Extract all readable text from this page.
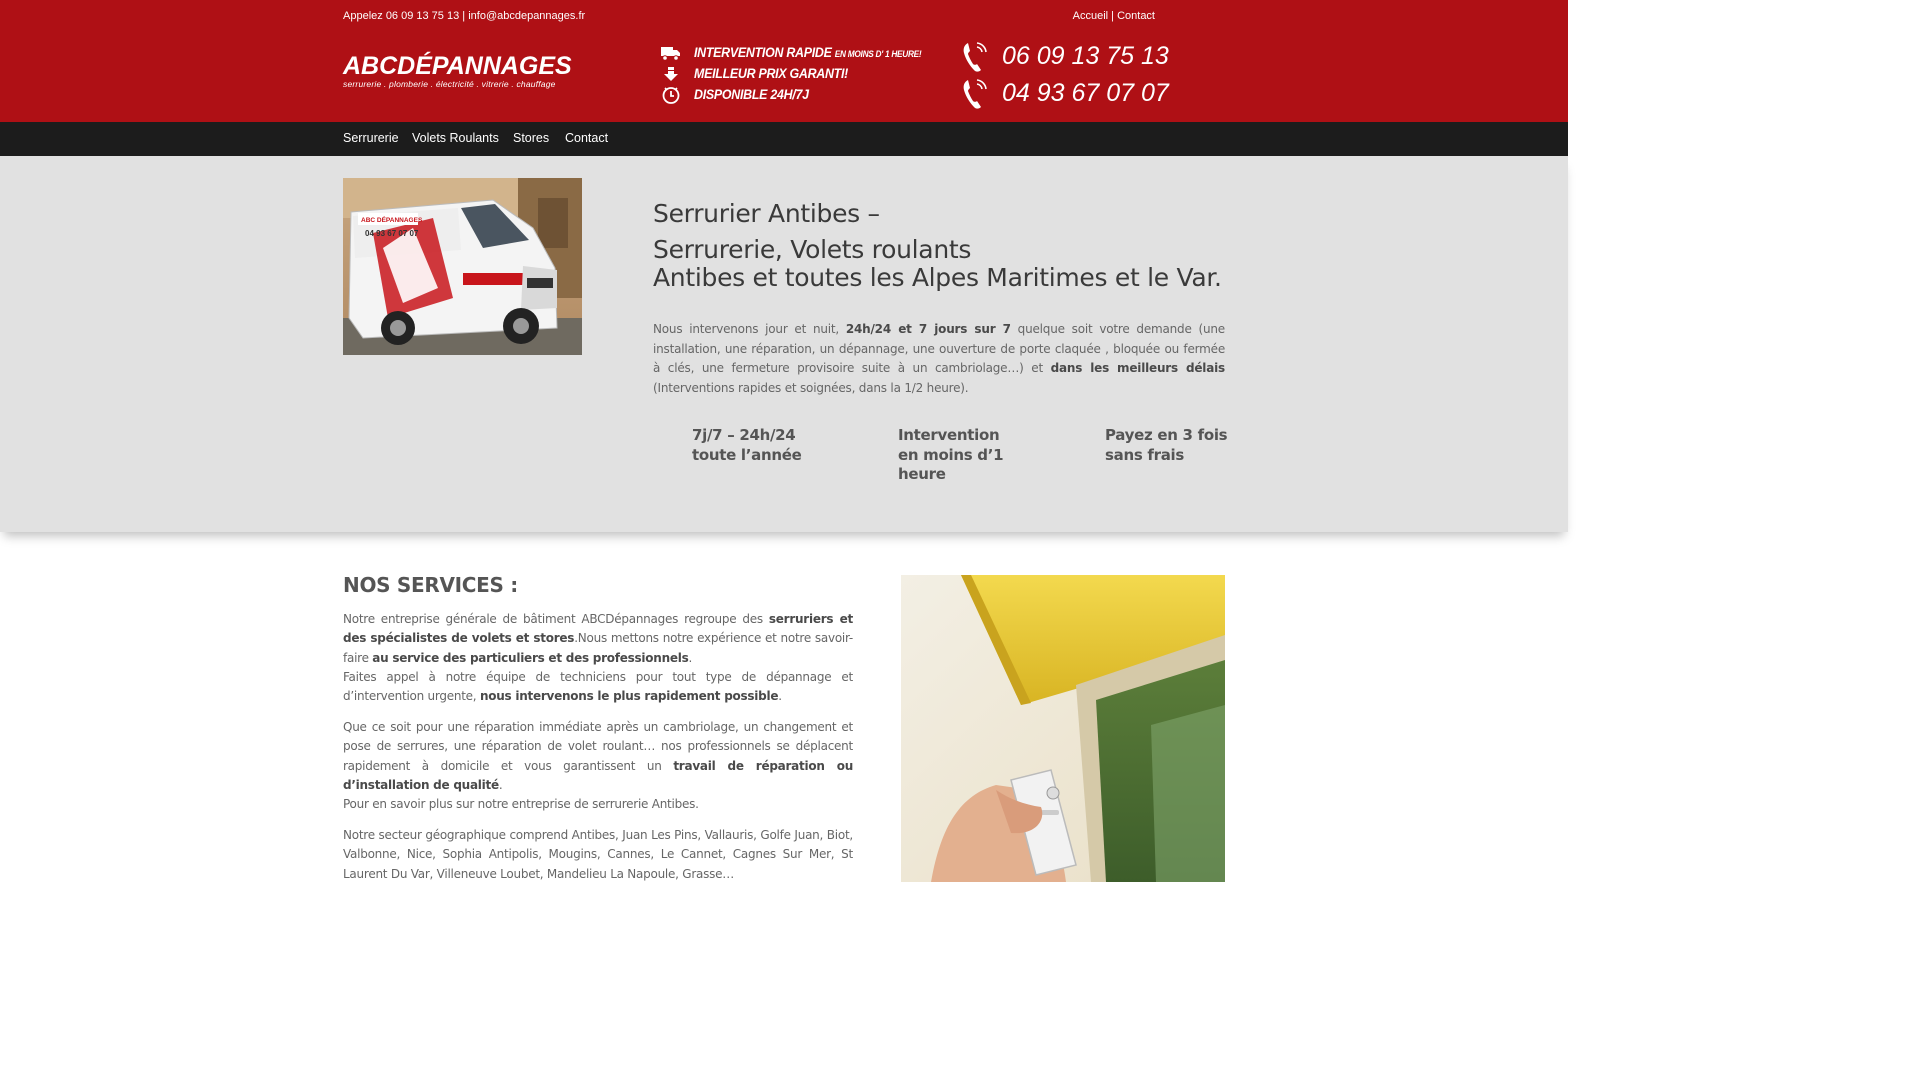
Appelez 06 09 13 75 13 | info@abcdepannages.fr	Accueil | Contact
ABCDÉPANNAGES
serrurerie . plomberie . électricité . vitrerie . chauffage
INTERVENTION RAPIDE EN MOINS D' 1 HEURE!
MEILLEUR PRIX GARANTI!
DISPONIBLE 24H/7J
06 09 13 75 13
04 93 67 07 07
Serrurerie Volets Roulants Stores Contact
ABC DÉPANNAGES
04 93 67 07 07
Serrurier Antibes –
Serrurerie, Volets roulants
Antibes et toutes les Alpes Maritimes et le Var.
Nous intervenons jour et nuit, 24h/24 et 7 jours sur 7 quelque soit votre demande (une installation, une réparation, un dépannage, une ouverture de porte claquée , bloquée ou fermée à clés, une fermeture provisoire suite à un cambriolage…) et dans les meilleurs délais (Interventions rapides et soignées, dans la 1/2 heure).
7j/7 – 24h/24
toute l’année
Intervention
en moins d’1
heure
Payez en 3 fois
sans frais
NOS SERVICES :

Notre entreprise générale de bâtiment ABCDépannages regroupe des serruriers et des spécialistes de volets et stores.Nous mettons notre expérience et notre savoir-faire au service des particuliers et des professionnels.
Faites appel à notre équipe de techniciens pour tout type de dépannage et d’intervention urgente, nous intervenons le plus rapidement possible.

Que ce soit pour une réparation immédiate après un cambriolage, un changement et pose de serrures, une réparation de volet roulant… nos professionnels se déplacent rapidement à domicile et vous garantissent un travail de réparation ou d’installation de qualité.
Pour en savoir plus sur notre entreprise de serrurerie Antibes.

Notre secteur géographique comprend Antibes, Juan Les Pins, Vallauris, Golfe Juan, Biot, Valbonne, Nice, Sophia Antipolis, Mougins, Cannes, Le Cannet, Cagnes Sur Mer, St Laurent Du Var, Villeneuve Loubet, Mandelieu La Napoule, Grasse…
